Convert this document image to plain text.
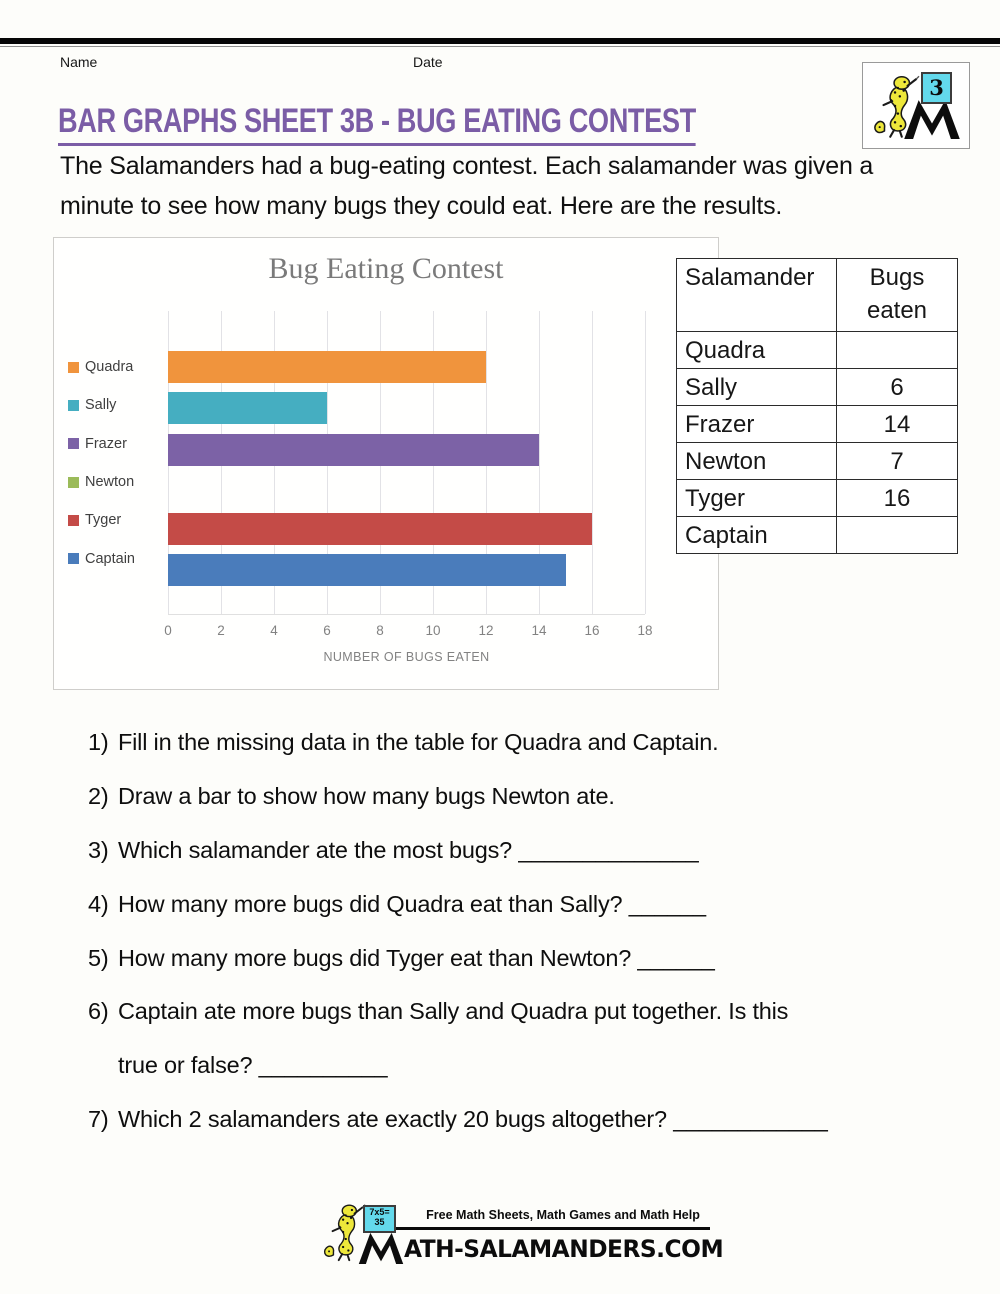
Name	Date
3
BAR GRAPHS SHEET 3B - BUG EATING CONTEST
The Salamanders had a bug-eating contest. Each salamander was given a
minute to see how many bugs they could eat. Here are the results.
Bug Eating Contest
Quadra
Sally
Frazer
Newton
Tyger
Captain
0	2	4	6	8	10	12	14	16	18
NUMBER OF BUGS EATEN
Salamander	Bugs eaten
Quadra	
Sally	6
Frazer	14
Newton	7
Tyger	16
Captain	
1) Fill in the missing data in the table for Quadra and Captain.
2) Draw a bar to show how many bugs Newton ate.
3) Which salamander ate the most bugs? ______________
4) How many more bugs did Quadra eat than Sally? ______
5) How many more bugs did Tyger eat than Newton? ______
6) Captain ate more bugs than Sally and Quadra put together. Is this
true or false? __________
7) Which 2 salamanders ate exactly 20 bugs altogether? ____________
7x5=
35
Free Math Sheets, Math Games and Math Help
ATH-SALAMANDERS.COM
